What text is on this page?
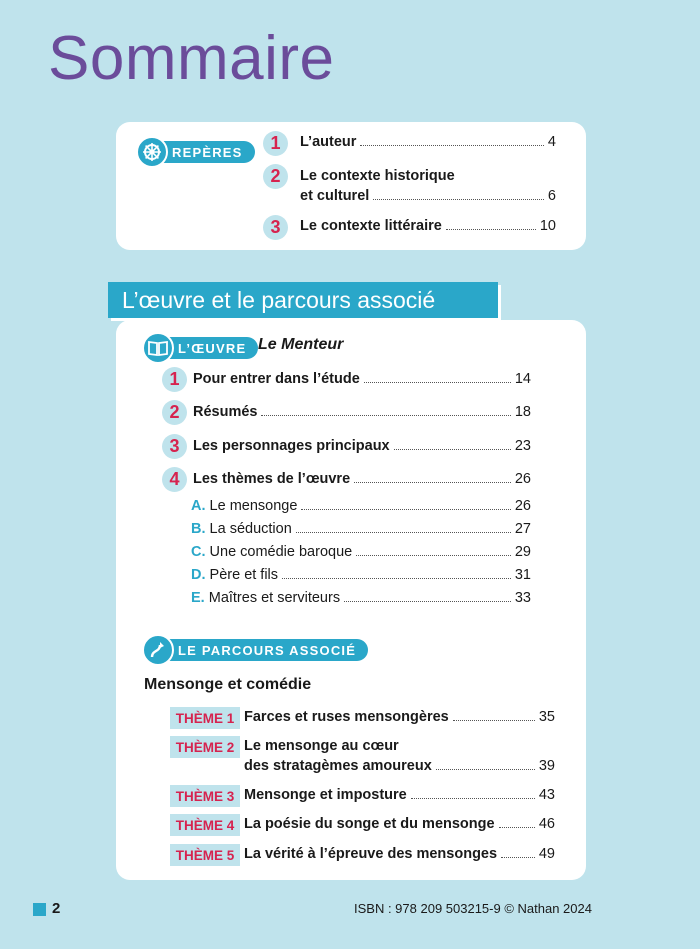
Sommaire
REPÈRES	1	L’auteur	4
2	Le contexte historique
et culturel	6
3	Le contexte littéraire	10
L’ŒUVRE Le Menteur
1 Pour entrer dans l’étude	14
2 Résumés	18
3 Les personnages principaux	23
4 Les thèmes de l’œuvre	26
A. Le mensonge	26
B. La séduction	27
C. Une comédie baroque	29
D. Père et fils	31
E. Maîtres et serviteurs	33
LE PARCOURS ASSOCIÉ
Mensonge et comédie
THÈME 1 Farces et ruses mensongères	35
THÈME 2 Le mensonge au cœur
des stratagèmes amoureux	39
THÈME 3 Mensonge et imposture	43
THÈME 4 La poésie du songe et du mensonge	46
THÈME 5 La vérité à l’épreuve des mensonges	49
L’œuvre et le parcours associé
2	ISBN : 978 209 503215-9 © Nathan 2024
